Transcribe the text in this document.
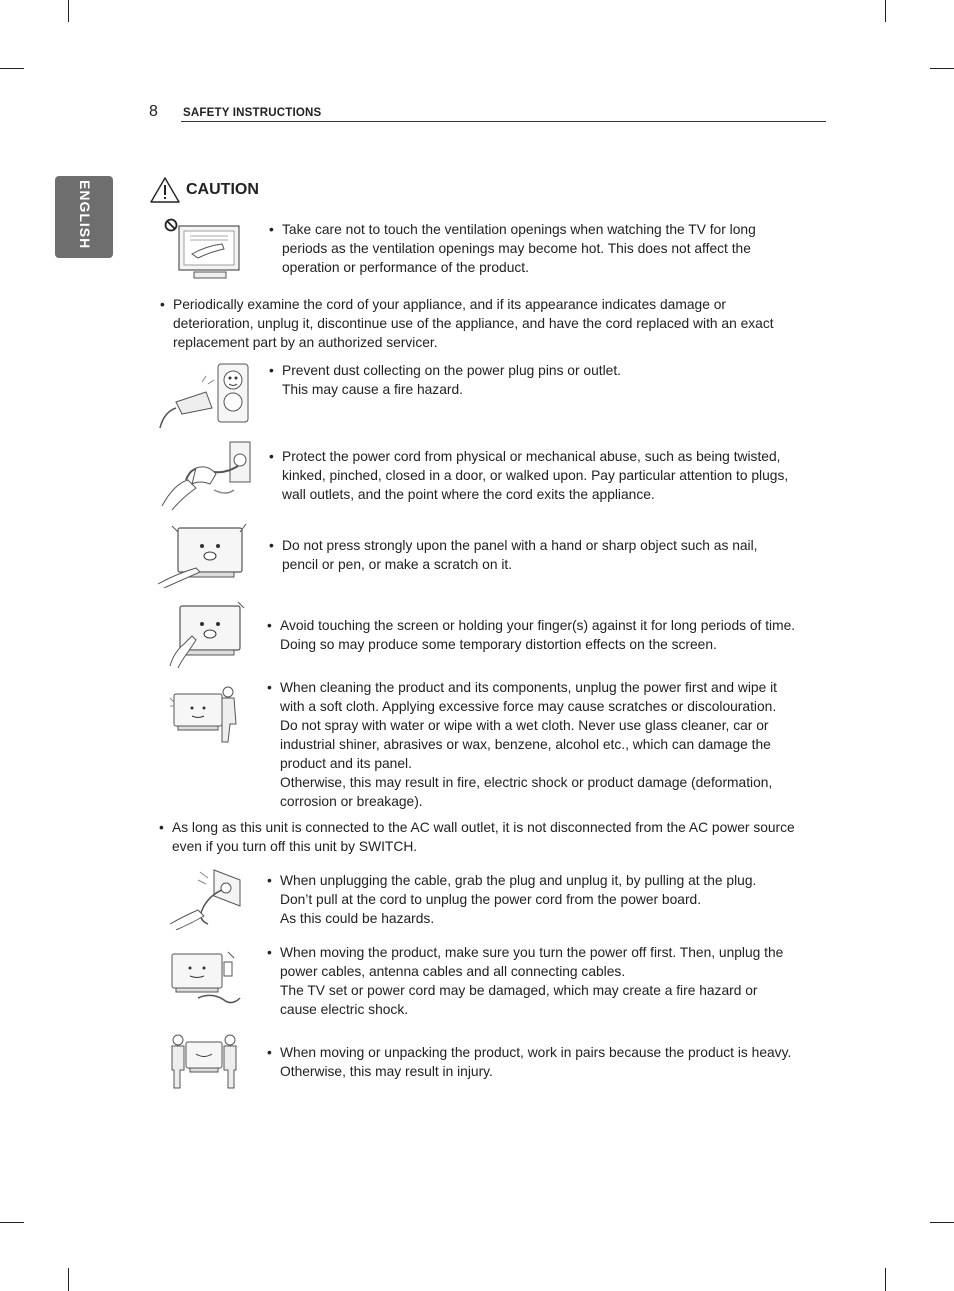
8 SAFETY INSTRUCTIONS
ENGLISH	CAUTION
• Take care not to touch the ventilation openings when watching the TV for long
periods as the ventilation openings may become hot. This does not affect the
operation or performance of the product.
• Periodically examine the cord of your appliance, and if its appearance indicates damage or
deterioration, unplug it, discontinue use of the appliance, and have the cord replaced with an exact
replacement part by an authorized servicer.
• Prevent dust collecting on the power plug pins or outlet.
This may cause a fire hazard.
• Protect the power cord from physical or mechanical abuse, such as being twisted,
kinked, pinched, closed in a door, or walked upon. Pay particular attention to plugs,
wall outlets, and the point where the cord exits the appliance.
• Do not press strongly upon the panel with a hand or sharp object such as nail,
pencil or pen, or make a scratch on it.
• Avoid touching the screen or holding your finger(s) against it for long periods of time.
Doing so may produce some temporary distortion effects on the screen.
• When cleaning the product and its components, unplug the power first and wipe it
with a soft cloth. Applying excessive force may cause scratches or discolouration.
Do not spray with water or wipe with a wet cloth. Never use glass cleaner, car or
industrial shiner, abrasives or wax, benzene, alcohol etc., which can damage the
product and its panel.
Otherwise, this may result in fire, electric shock or product damage (deformation,
corrosion or breakage).
• As long as this unit is connected to the AC wall outlet, it is not disconnected from the AC power source
even if you turn off this unit by SWITCH.
• When unplugging the cable, grab the plug and unplug it, by pulling at the plug.
Don’t pull at the cord to unplug the power cord from the power board.
As this could be hazards.
• When moving the product, make sure you turn the power off first. Then, unplug the
power cables, antenna cables and all connecting cables.
The TV set or power cord may be damaged, which may create a fire hazard or
cause electric shock.
• When moving or unpacking the product, work in pairs because the product is heavy.
Otherwise, this may result in injury.
